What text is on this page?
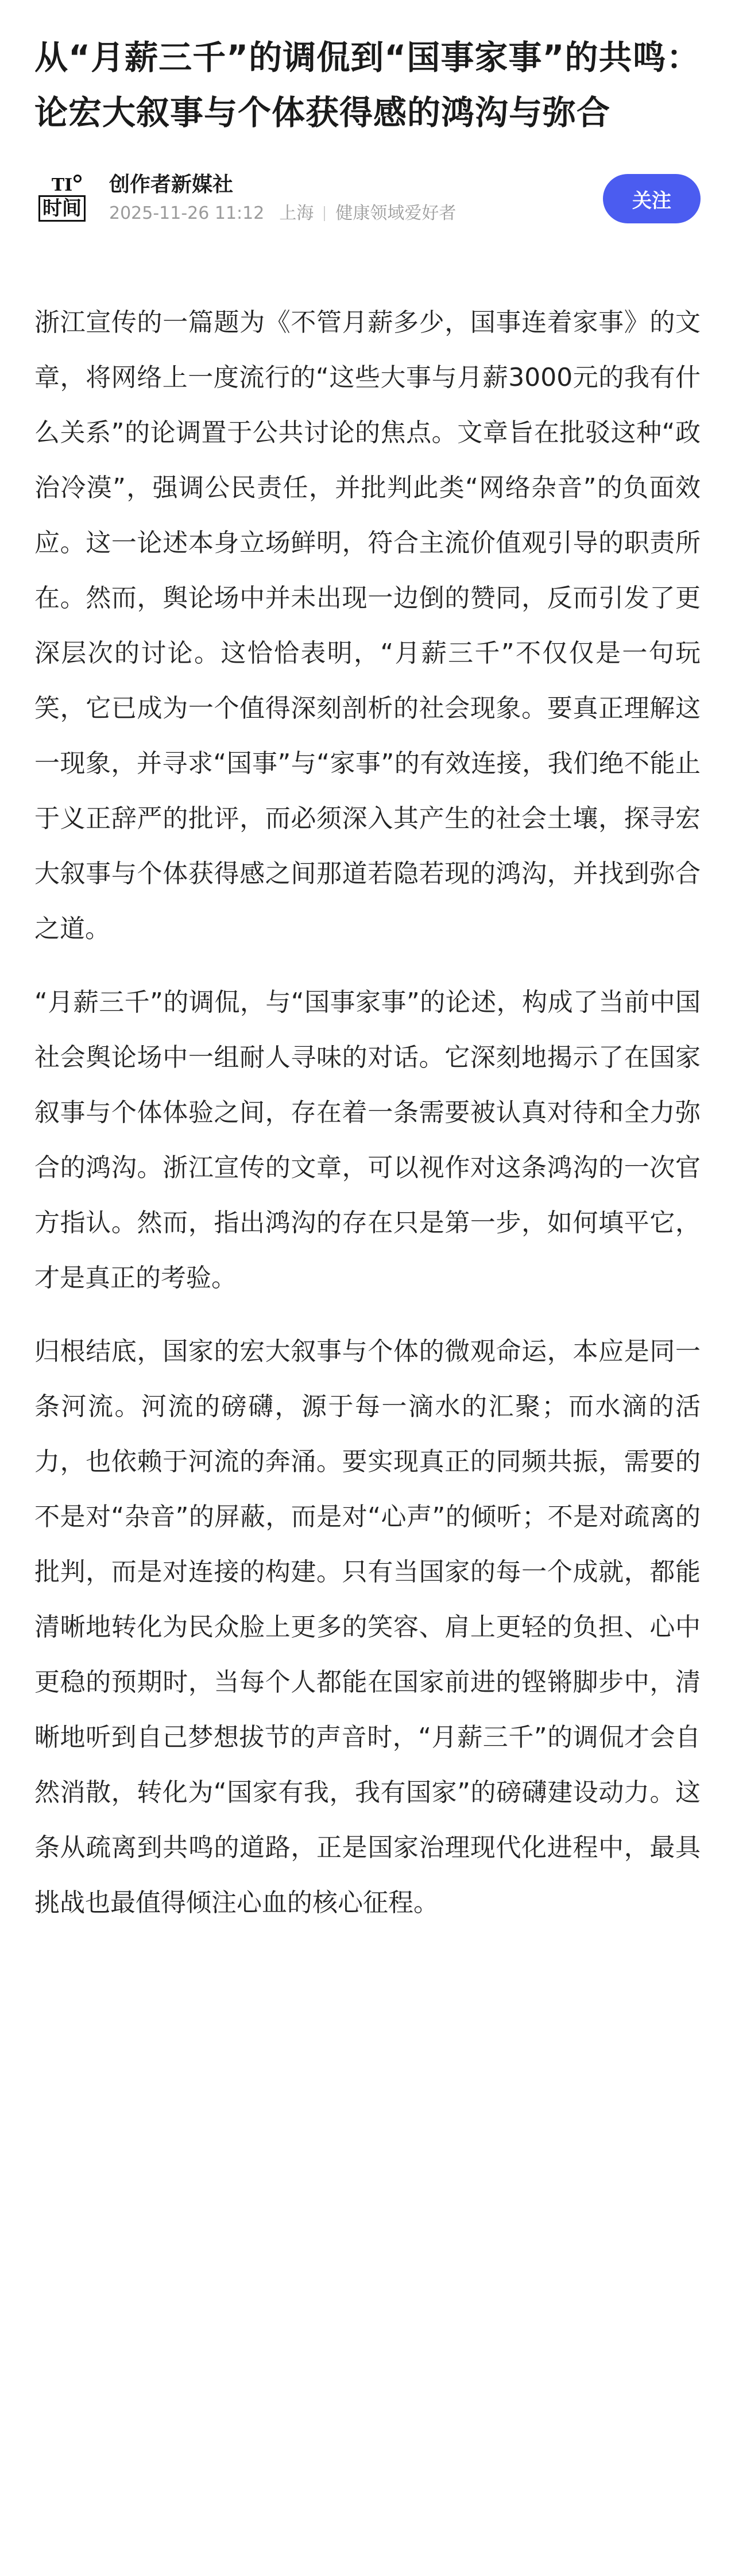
从“月薪三千”的调侃到“国事家事”的共鸣：论宏大叙事与个体获得感的鸿沟与弥合
TI
时间
创作者新媒社
2025-11-26 11:12 上海 健康领域爱好者
关注

浙江宣传的一篇题为《不管月薪多少，国事连着家事》的文章，将网络上一度流行的“这些大事与月薪3000元的我有什么关系”的论调置于公共讨论的焦点。文章旨在批驳这种“政治冷漠”，强调公民责任，并批判此类“网络杂音”的负面效应。这一论述本身立场鲜明，符合主流价值观引导的职责所在。然而，舆论场中并未出现一边倒的赞同，反而引发了更深层次的讨论。这恰恰表明，“月薪三千”不仅仅是一句玩笑，它已成为一个值得深刻剖析的社会现象。要真正理解这一现象，并寻求“国事”与“家事”的有效连接，我们绝不能止于义正辞严的批评，而必须深入其产生的社会土壤，探寻宏大叙事与个体获得感之间那道若隐若现的鸿沟，并找到弥合之道。

“月薪三千”的调侃，与“国事家事”的论述，构成了当前中国社会舆论场中一组耐人寻味的对话。它深刻地揭示了在国家叙事与个体体验之间，存在着一条需要被认真对待和全力弥合的鸿沟。浙江宣传的文章，可以视作对这条鸿沟的一次官方指认。然而，指出鸿沟的存在只是第一步，如何填平它，才是真正的考验。

归根结底，国家的宏大叙事与个体的微观命运，本应是同一条河流。河流的磅礴，源于每一滴水的汇聚；而水滴的活力，也依赖于河流的奔涌。要实现真正的同频共振，需要的不是对“杂音”的屏蔽，而是对“心声”的倾听；不是对疏离的批判，而是对连接的构建。只有当国家的每一个成就，都能清晰地转化为民众脸上更多的笑容、肩上更轻的负担、心中更稳的预期时，当每个人都能在国家前进的铿锵脚步中，清晰地听到自己梦想拔节的声音时，“月薪三千”的调侃才会自然消散，转化为“国家有我，我有国家”的磅礴建设动力。这条从疏离到共鸣的道路，正是国家治理现代化进程中，最具挑战也最值得倾注心血的核心征程。
